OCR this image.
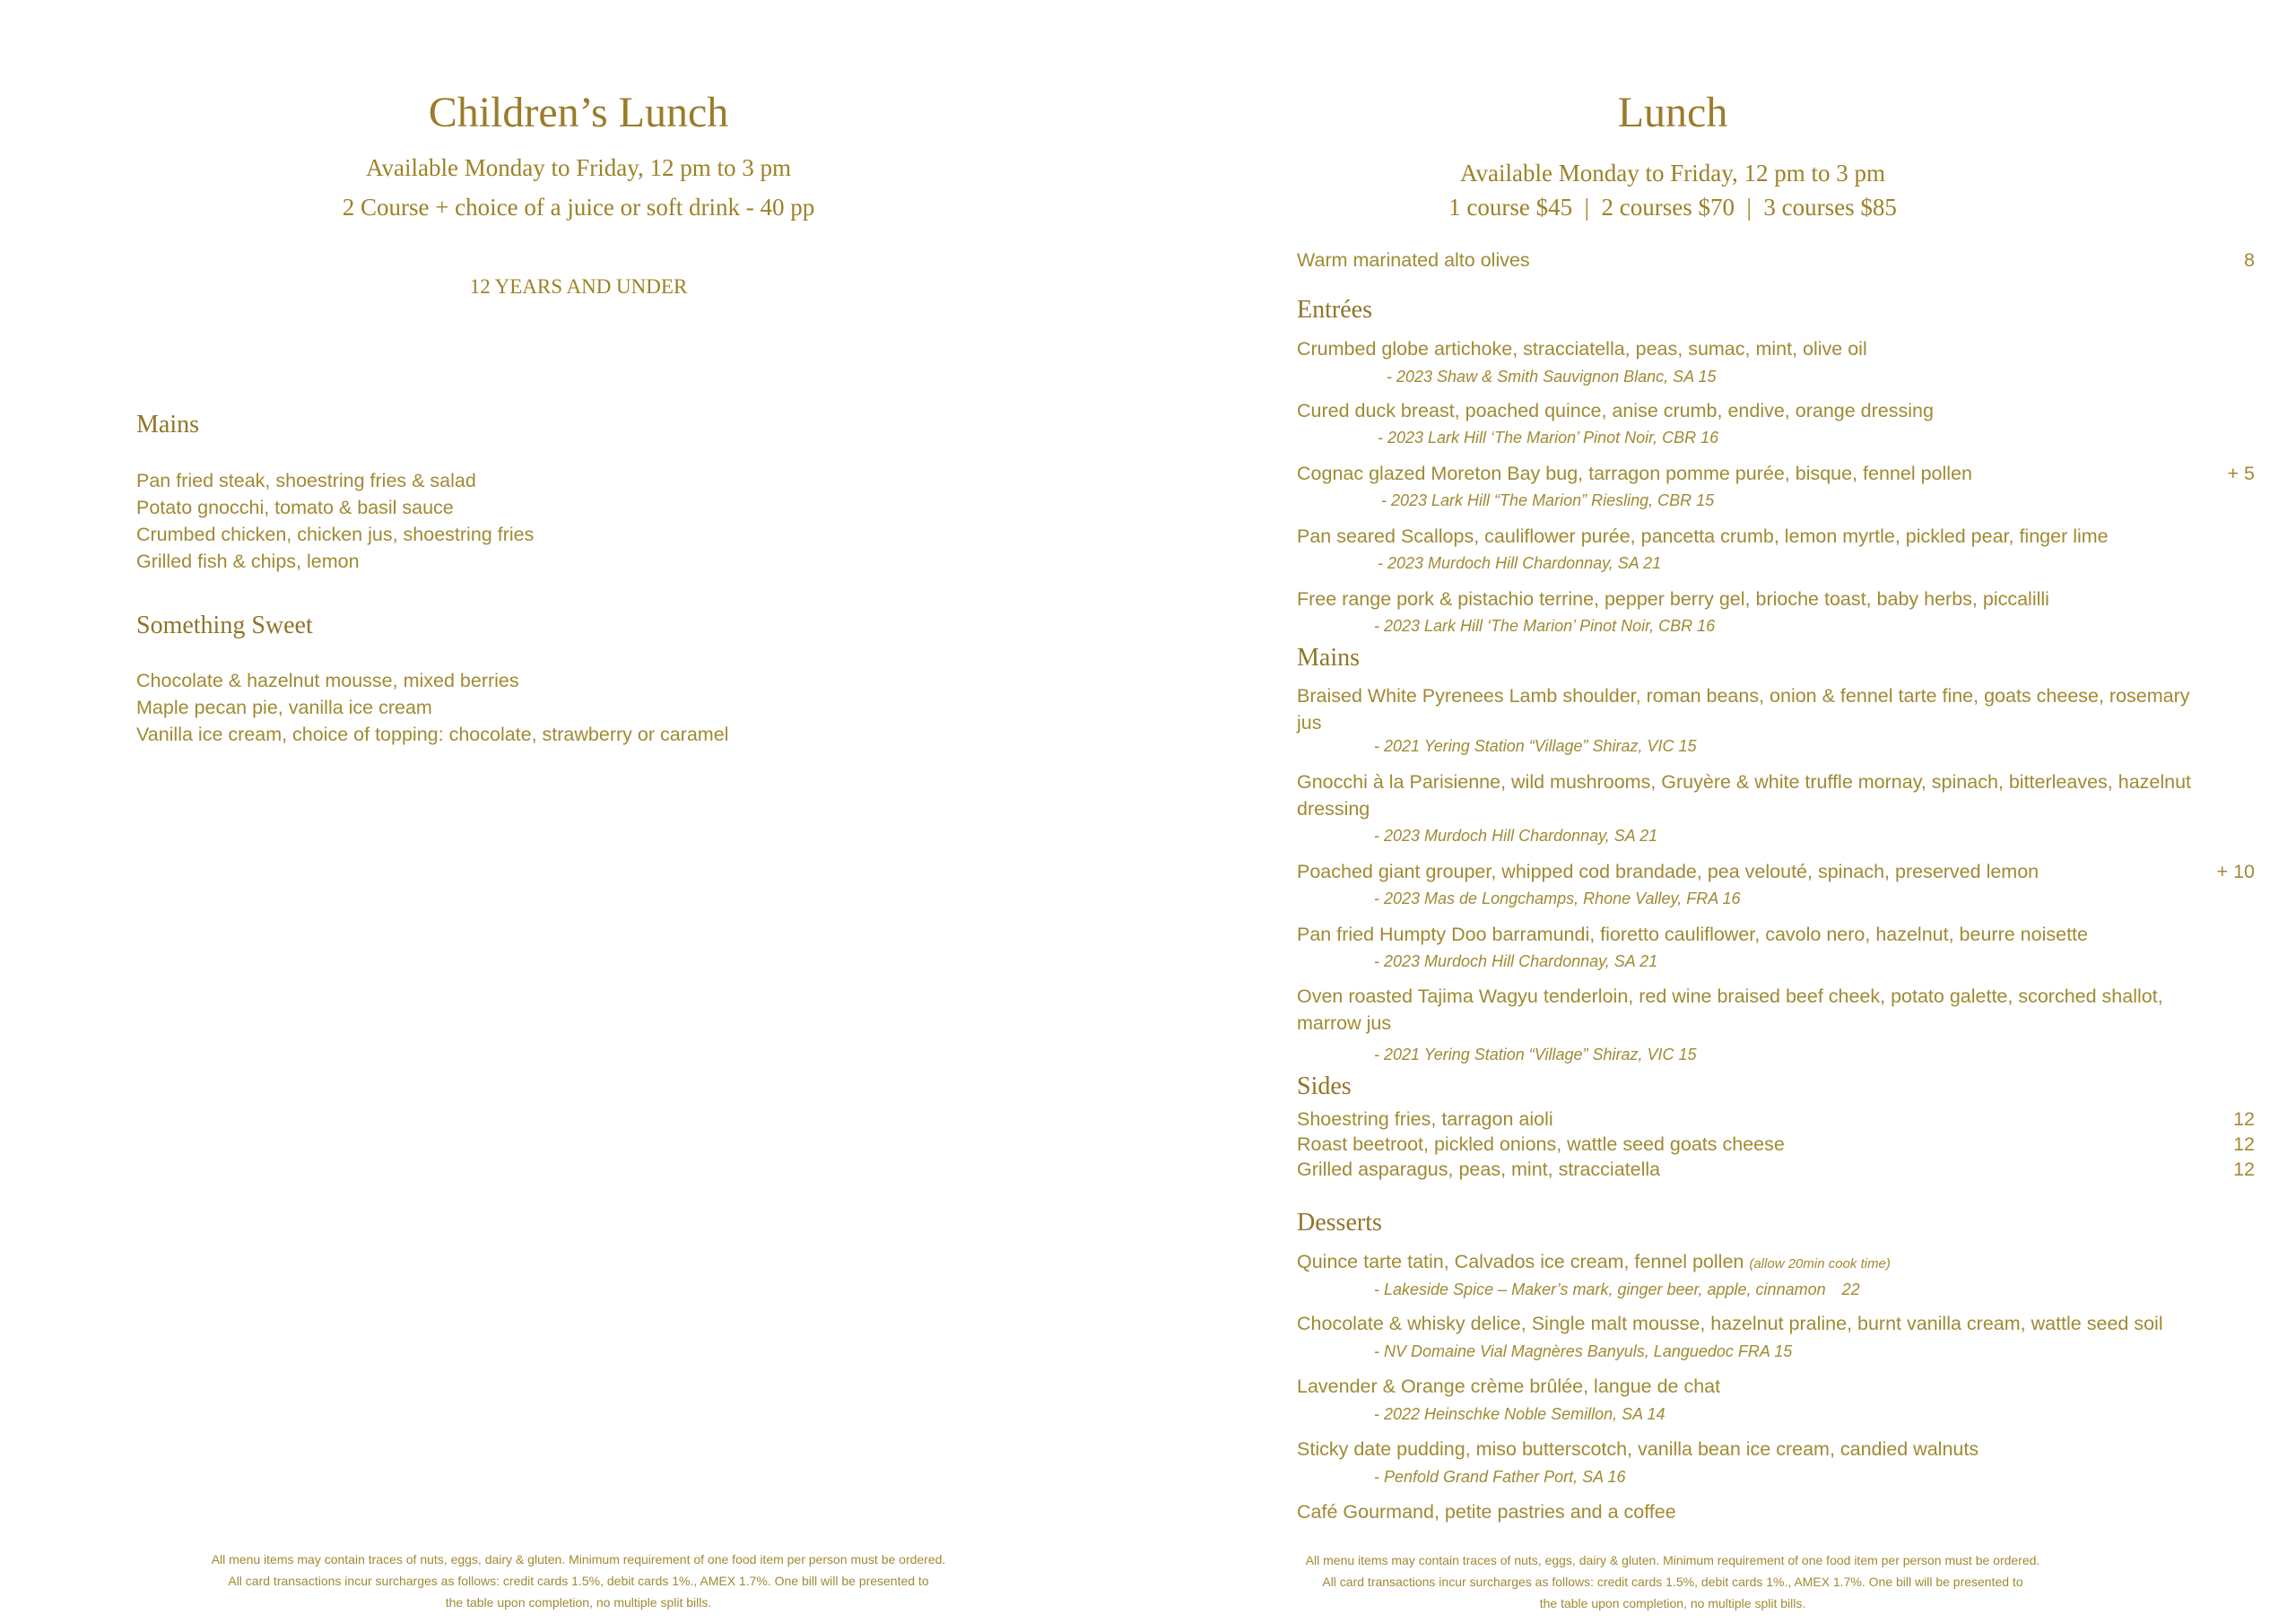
Children’s Lunch
Available Monday to Friday, 12 pm to 3 pm
2 Course + choice of a juice or soft drink - 40 pp
12 YEARS AND UNDER
Mains
Pan fried steak, shoestring fries & salad
Potato gnocchi, tomato & basil sauce
Crumbed chicken, chicken jus, shoestring fries
Grilled fish & chips, lemon
Something Sweet
Chocolate & hazelnut mousse, mixed berries
Maple pecan pie, vanilla ice cream
Vanilla ice cream, choice of topping: chocolate, strawberry or caramel
All menu items may contain traces of nuts, eggs, dairy & gluten. Minimum requirement of one food item per person must be ordered.
All card transactions incur surcharges as follows: credit cards 1.5%, debit cards 1%., AMEX 1.7%. One bill will be presented to
the table upon completion, no multiple split bills.
Lunch
Available Monday to Friday, 12 pm to 3 pm
1 course $45  |  2 courses $70  |  3 courses $85
Warm marinated alto olives	8
Entrées
Crumbed globe artichoke, stracciatella, peas, sumac, mint, olive oil
- 2023 Shaw & Smith Sauvignon Blanc, SA 15
Cured duck breast, poached quince, anise crumb, endive, orange dressing
- 2023 Lark Hill ‘The Marion’ Pinot Noir, CBR 16
Cognac glazed Moreton Bay bug, tarragon pomme purée, bisque, fennel pollen	+ 5
- 2023 Lark Hill “The Marion” Riesling, CBR 15
Pan seared Scallops, cauliflower purée, pancetta crumb, lemon myrtle, pickled pear, finger lime
- 2023 Murdoch Hill Chardonnay, SA 21
Free range pork & pistachio terrine, pepper berry gel, brioche toast, baby herbs, piccalilli
- 2023 Lark Hill ‘The Marion’ Pinot Noir, CBR 16
Mains
Braised White Pyrenees Lamb shoulder, roman beans, onion & fennel tarte fine, goats cheese, rosemary jus
- 2021 Yering Station “Village” Shiraz, VIC 15
Gnocchi à la Parisienne, wild mushrooms, Gruyère & white truffle mornay, spinach, bitterleaves, hazelnut dressing
- 2023 Murdoch Hill Chardonnay, SA 21
Poached giant grouper, whipped cod brandade, pea velouté, spinach, preserved lemon	+ 10
- 2023 Mas de Longchamps, Rhone Valley, FRA 16
Pan fried Humpty Doo barramundi, fioretto cauliflower, cavolo nero, hazelnut, beurre noisette
- 2023 Murdoch Hill Chardonnay, SA 21
Oven roasted Tajima Wagyu tenderloin, red wine braised beef cheek, potato galette, scorched shallot, marrow jus
- 2021 Yering Station “Village” Shiraz, VIC 15
Sides
Shoestring fries, tarragon aioli	12
Roast beetroot, pickled onions, wattle seed goats cheese	12
Grilled asparagus, peas, mint, stracciatella	12
Desserts
Quince tarte tatin, Calvados ice cream, fennel pollen (allow 20min cook time)
- Lakeside Spice – Maker’s mark, ginger beer, apple, cinnamon 22
Chocolate & whisky delice, Single malt mousse, hazelnut praline, burnt vanilla cream, wattle seed soil
- NV Domaine Vial Magnères Banyuls, Languedoc FRA 15
Lavender & Orange crème brûlée, langue de chat
- 2022 Heinschke Noble Semillon, SA 14
Sticky date pudding, miso butterscotch, vanilla bean ice cream, candied walnuts
- Penfold Grand Father Port, SA 16
Café Gourmand, petite pastries and a coffee
All menu items may contain traces of nuts, eggs, dairy & gluten. Minimum requirement of one food item per person must be ordered.
All card transactions incur surcharges as follows: credit cards 1.5%, debit cards 1%., AMEX 1.7%. One bill will be presented to
the table upon completion, no multiple split bills.
